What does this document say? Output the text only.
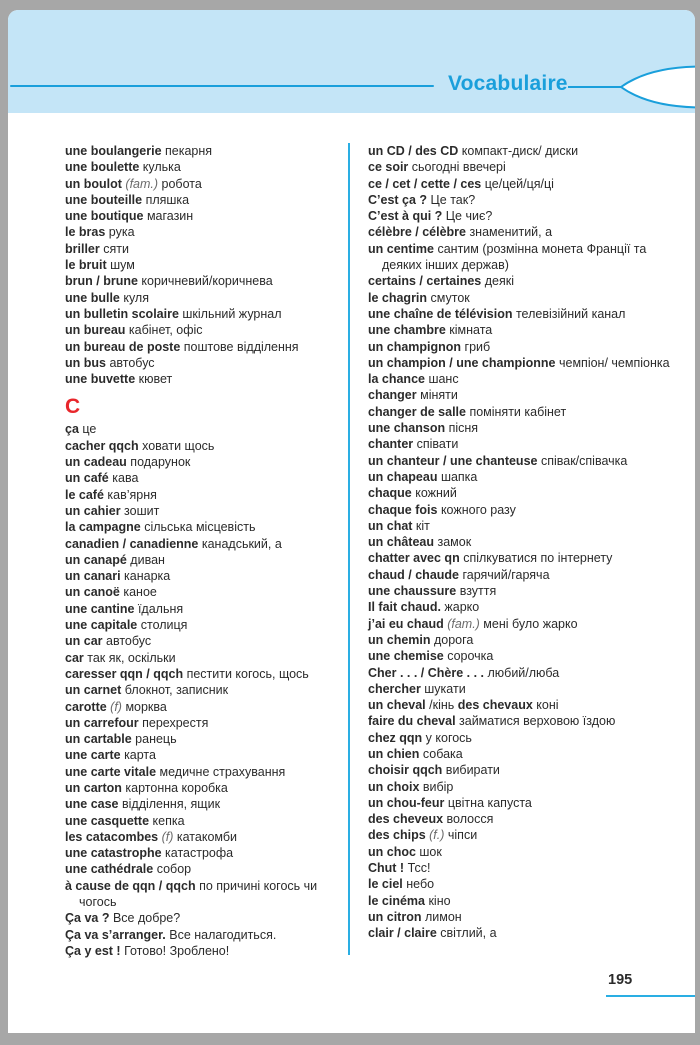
Vocabulaire
une boulangerie пекарня
une boulette кулька
un boulot (fam.) робота
une bouteille пляшка
une boutique магазин
le bras рука
briller сяти
le bruit шум
brun / brune коричневий/коричнева
une bulle куля
un bulletin scolaire шкільний журнал
un bureau кабінет, офіс
un bureau de poste поштове відділення
un bus автобус
une buvette кювет
C
ça це
cacher qqch ховати щось
un cadeau подарунок
un café кава
le café кав’ярня
un cahier зошит
la campagne сільська місцевість
canadien / canadienne канадський, а
un canapé диван
un canari канарка
un canoë каное
une cantine їдальня
une capitale столиця
un car автобус
car так як, оскільки
caresser qqn / qqch пестити когось, щось
un carnet блокнот, записник
carotte (f) морква
un carrefour перехрестя
un cartable ранець
une carte карта
une carte vitale медичне страхування
un carton картонна коробка
une case відділення, ящик
une casquette кепка
les catacombes (f) катакомби
une catastrophe катастрофа
une cathédrale собор
à cause de qqn / qqch по причині когось чи чогось
Ça va ? Все добре?
Ça va s’arranger. Все налагодиться.
Ça y est ! Готово! Зроблено!
un CD / des CD компакт-диск/ диски
ce soir сьогодні ввечері
ce / cet / cette / ces це/цей/ця/ці
C’est ça ? Це так?
C’est à qui ? Це чиє?
célèbre / célèbre знаменитий, а
un centime сантим (розмінна монета Франції та деяких інших держав)
certains / certaines деякі
le chagrin смуток
une chaîne de télévision телевізійний канал
une chambre кімната
un champignon гриб
un champion / une championne чемпіон/ чемпіонка
la chance шанс
changer міняти
changer de salle поміняти кабінет
une chanson пісня
chanter співати
un chanteur / une chanteuse співак/співачка
un chapeau шапка
chaque кожний
chaque fois кожного разу
un chat кіт
un château замок
chatter avec qn спілкуватися по інтернету
chaud / chaude гарячий/гаряча
une chaussure взуття
Il fait chaud. жарко
j’ai eu chaud (fam.) мені було жарко
un chemin дорога
une chemise сорочка
Cher . . . / Chère . . . любий/люба
chercher шукати
un cheval /кінь des chevaux коні
faire du cheval займатися верховою їздою
chez qqn у когось
un chien собака
choisir qqch вибирати
un choix вибір
un chou-feur цвітна капуста
des cheveux волосся
des chips (f.) чіпси
un choc шок
Chut ! Тсс!
le ciel небо
le cinéma кіно
un citron лимон
clair / claire світлий, а
195
